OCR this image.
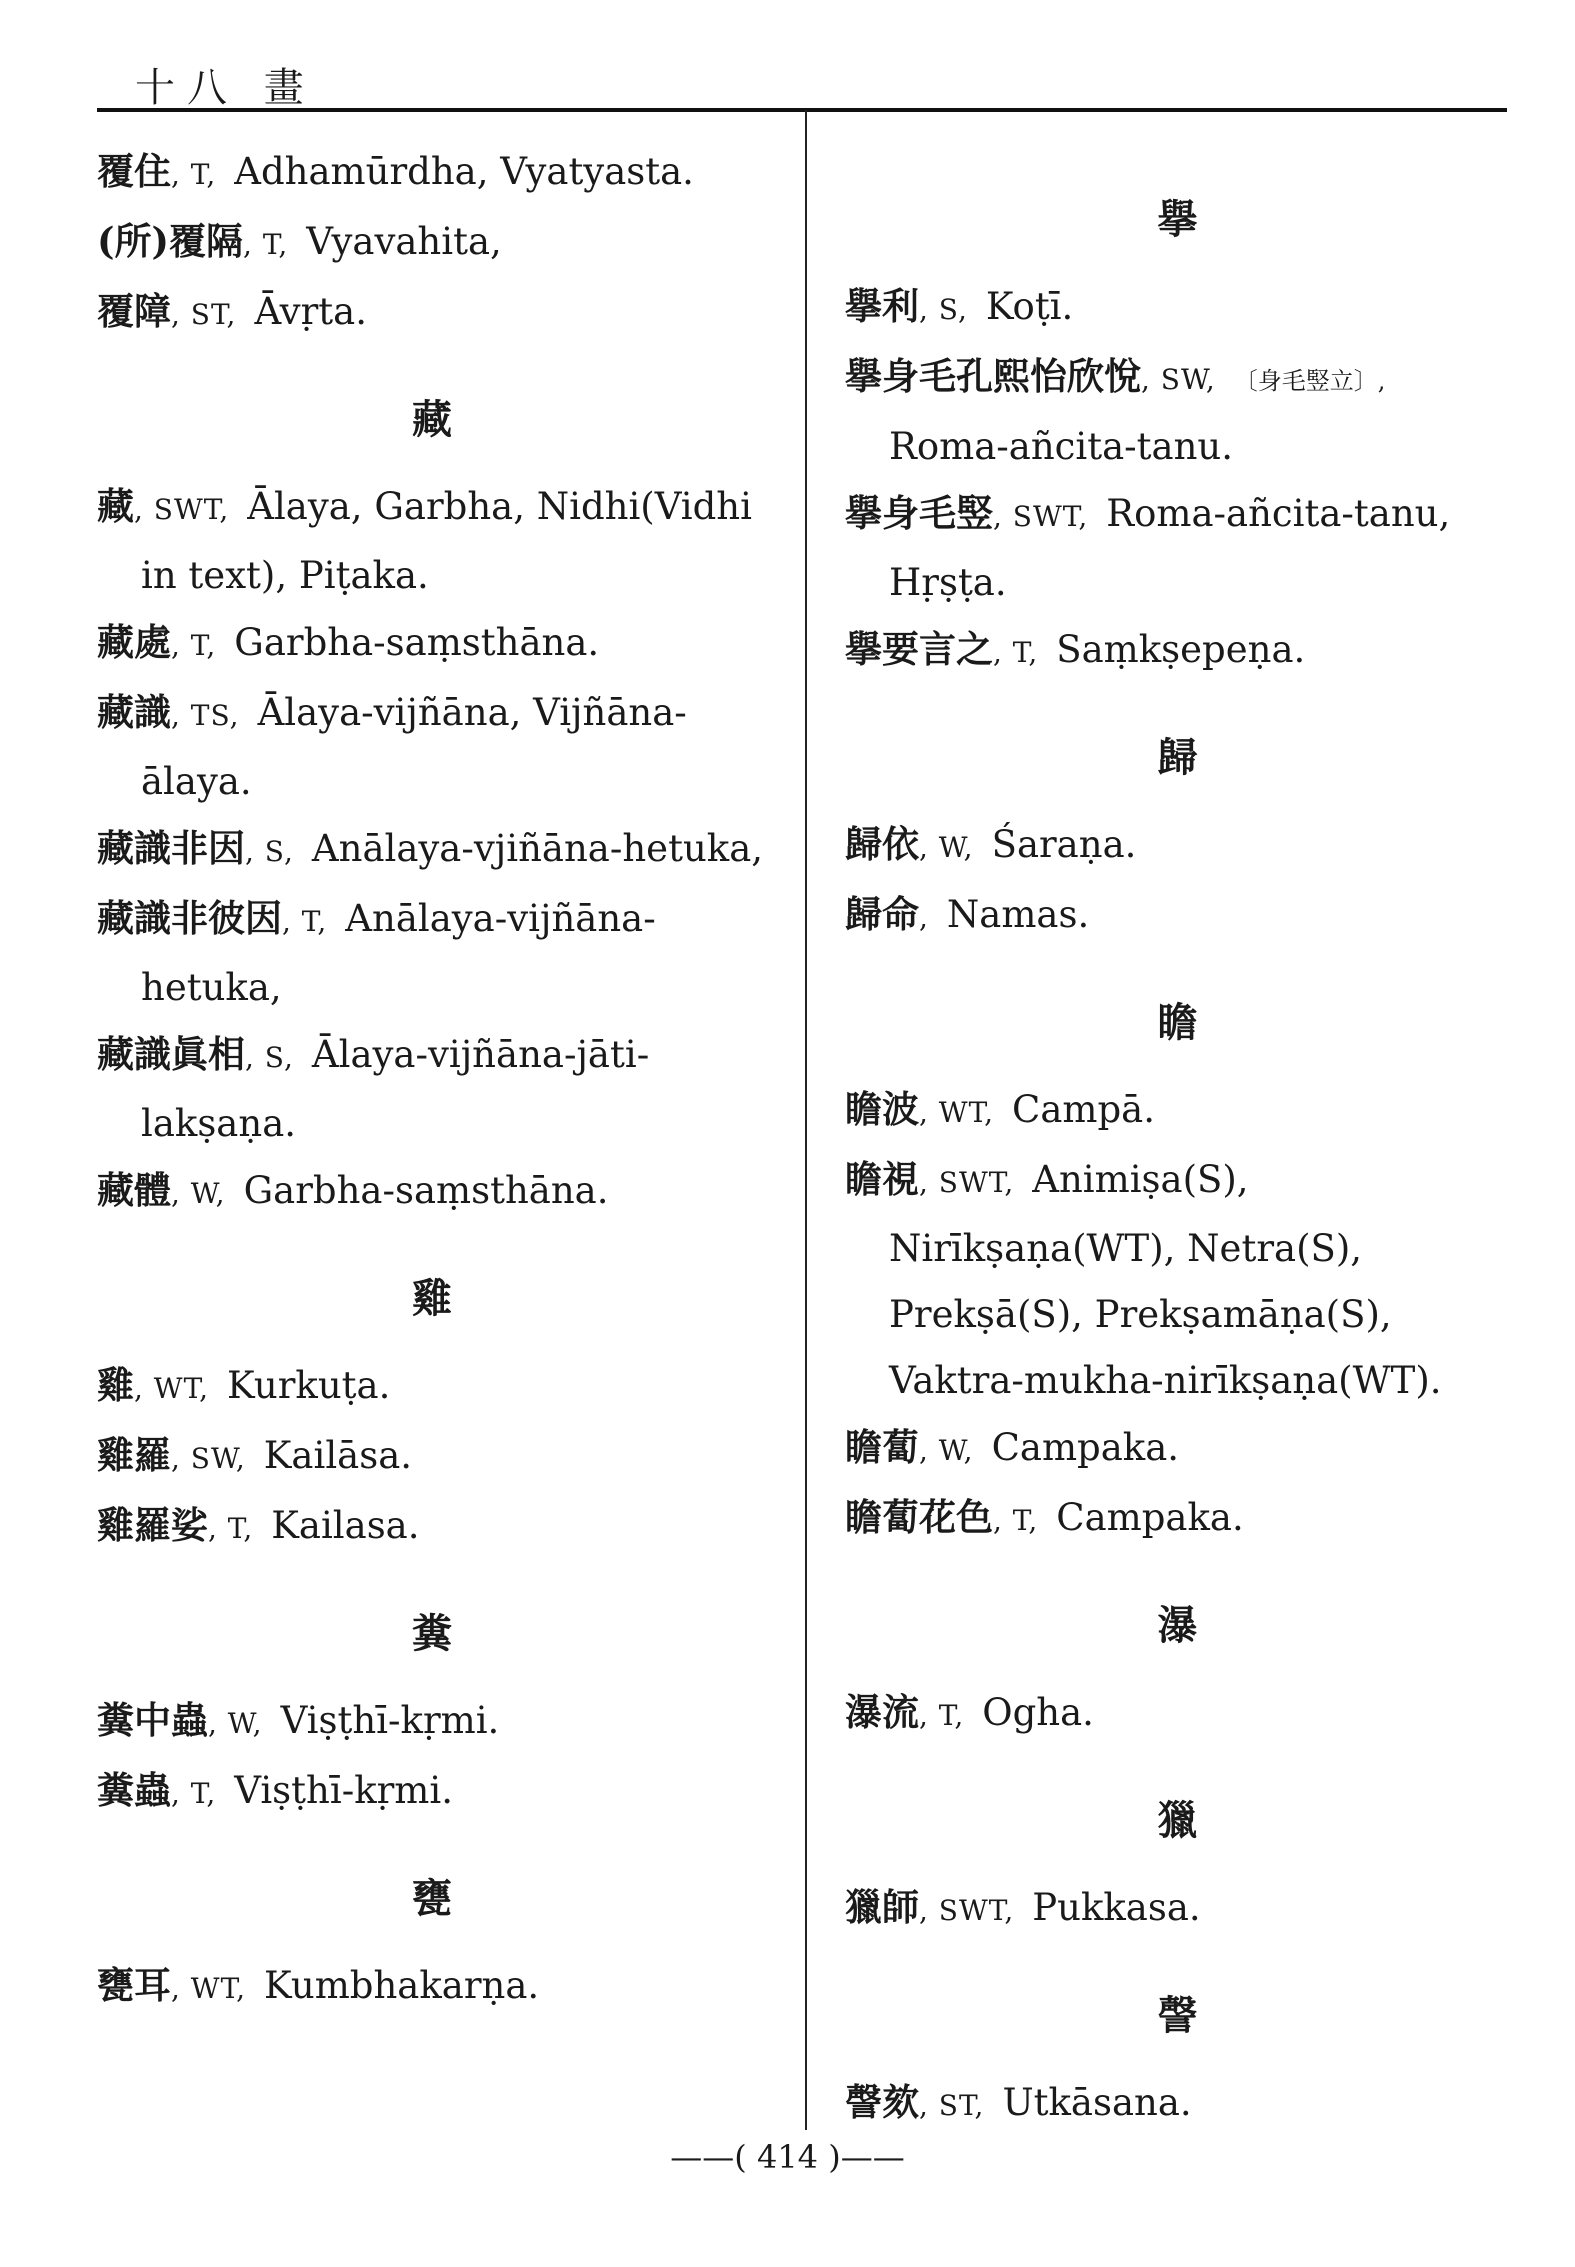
十八 畫
覆住, T, Adhamūrdha, Vyatyasta.
(所)覆隔, T, Vyavahita,
覆障, ST, Āvṛta.
藏
藏, SWT, Ālaya, Garbha, Nidhi(Vidhi in text), Piṭaka.
藏處, T, Garbha-saṃsthāna.
藏識, TS, Ālaya-vijñāna, Vijñāna-ālaya.
藏識非因, S, Anālaya-vjiñāna-hetuka,
藏識非彼因, T, Anālaya-vijñāna-hetuka,
藏識眞相, S, Ālaya-vijñāna-jāti-lakṣaṇa.
藏體, W, Garbha-saṃsthāna.
雞
雞, WT, Kurkuṭa.
雞羅, SW, Kailāsa.
雞羅娑, T, Kailasa.
糞
糞中蟲, W, Viṣṭhī-kṛmi.
糞蟲, T, Viṣṭhī-kṛmi.
甕
甕耳, WT, Kumbhakarṇa.
擧
擧利, S, Koṭī.
擧身毛孔熙怡欣悅, SW, 〔身毛竪立〕, Roma-añcita-tanu.
擧身毛竪, SWT, Roma-añcita-tanu, Hṛṣṭa.
擧要言之, T, Saṃkṣepeṇa.
歸
歸依, W, Śaraṇa.
歸命, Namas.
瞻
瞻波, WT, Campā.
瞻視, SWT, Animiṣa(S), Nirīkṣaṇa(WT), Netra(S), Prekṣā(S), Prekṣamāṇa(S), Vaktra-mukha-nirīkṣaṇa(WT).
瞻蔔, W, Campaka.
瞻蔔花色, T, Campaka.
瀑
瀑流, T, Ogha.
獵
獵師, SWT, Pukkasa.
謦
謦欬, ST, Utkāsana.
——( 414 )——
